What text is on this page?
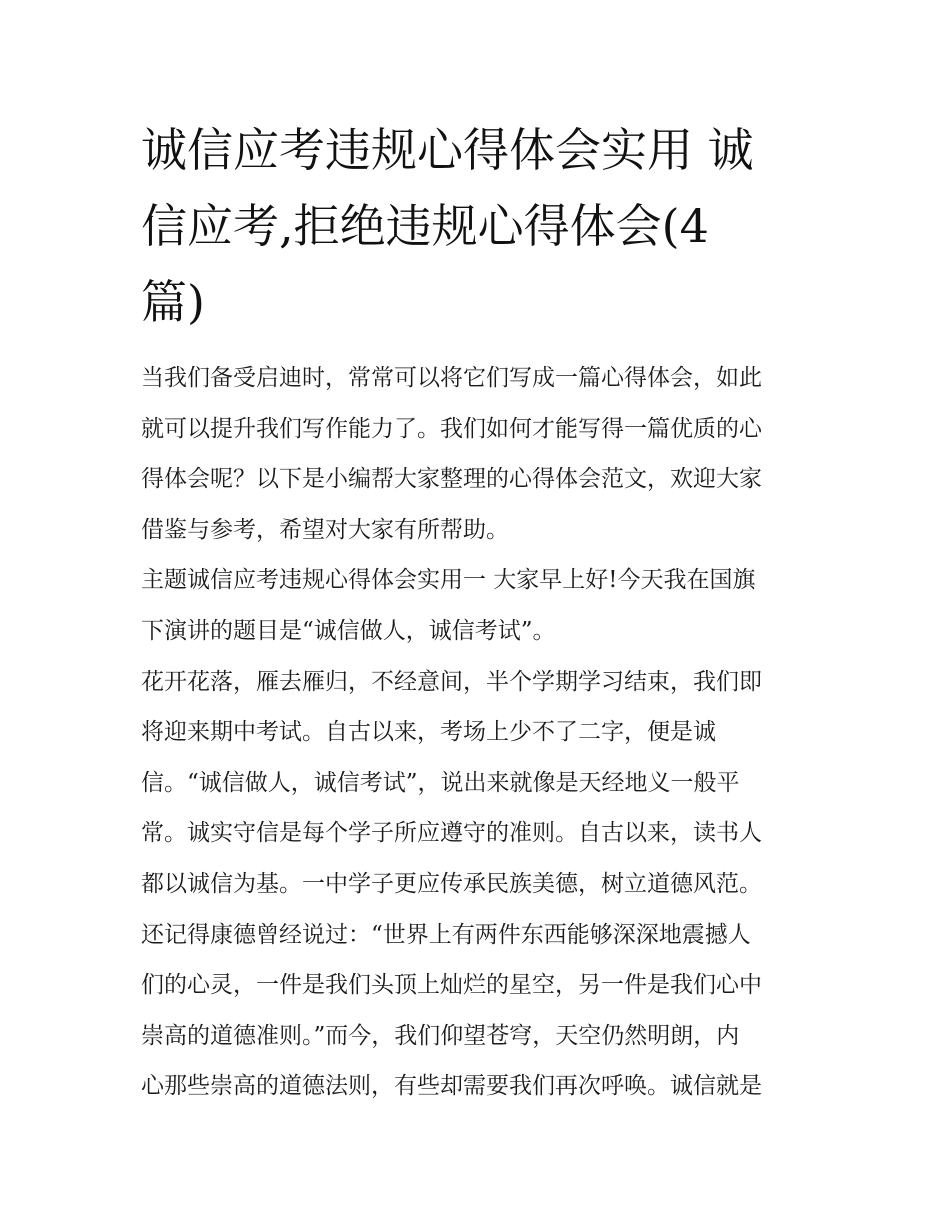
诚信应考违规心得体会实用 诚
信应考,拒绝违规心得体会(4
篇)
当我们备受启迪时，常常可以将它们写成一篇心得体会，如此
就可以提升我们写作能力了。我们如何才能写得一篇优质的心
得体会呢？以下是小编帮大家整理的心得体会范文，欢迎大家
借鉴与参考，希望对大家有所帮助。
主题诚信应考违规心得体会实用一 大家早上好!今天我在国旗
下演讲的题目是“诚信做人，诚信考试”。
花开花落，雁去雁归，不经意间，半个学期学习结束，我们即
将迎来期中考试。自古以来，考场上少不了二字，便是诚
信。“诚信做人，诚信考试”，说出来就像是天经地义一般平
常。诚实守信是每个学子所应遵守的准则。自古以来，读书人
都以诚信为基。一中学子更应传承民族美德，树立道德风范。
还记得康德曾经说过：“世界上有两件东西能够深深地震撼人
们的心灵，一件是我们头顶上灿烂的星空，另一件是我们心中
崇高的道德准则。”而今，我们仰望苍穹，天空仍然明朗，内
心那些崇高的道德法则，有些却需要我们再次呼唤。诚信就是
